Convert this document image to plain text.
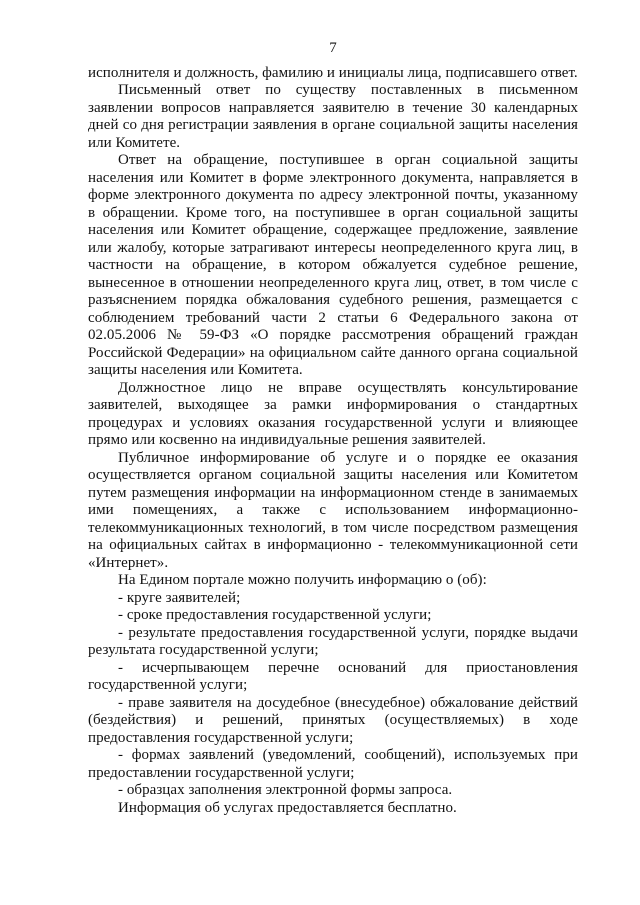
7

исполнителя и должность, фамилию и инициалы лица, подписавшего ответ.

Письменный ответ по существу поставленных в письменном заявлении вопросов направляется заявителю в течение 30 календарных дней со дня регистрации заявления в органе социальной защиты населения или Комитете.

Ответ на обращение, поступившее в орган социальной защиты населения или Комитет в форме электронного документа, направляется в форме электронного документа по адресу электронной почты, указанному в обращении. Кроме того, на поступившее в орган социальной защиты населения или Комитет обращение, содержащее предложение, заявление или жалобу, которые затрагивают интересы неопределенного круга лиц, в частности на обращение, в котором обжалуется судебное решение, вынесенное в отношении неопределенного круга лиц, ответ, в том числе с разъяснением порядка обжалования судебного решения, размещается с соблюдением требований части 2 статьи 6 Федерального закона от 02.05.2006 № 59-ФЗ «О порядке рассмотрения обращений граждан Российской Федерации» на официальном сайте данного органа социальной защиты населения или Комитета.

Должностное лицо не вправе осуществлять консультирование заявителей, выходящее за рамки информирования о стандартных процедурах и условиях оказания государственной услуги и влияющее прямо или косвенно на индивидуальные решения заявителей.

Публичное информирование об услуге и о порядке ее оказания осуществляется органом социальной защиты населения или Комитетом путем размещения информации на информационном стенде в занимаемых ими помещениях, а также с использованием информационно-телекоммуникационных технологий, в том числе посредством размещения на официальных сайтах в информационно - телекоммуникационной сети «Интернет».

На Едином портале можно получить информацию о (об):

- круге заявителей;

- сроке предоставления государственной услуги;

- результате предоставления государственной услуги, порядке выдачи результата государственной услуги;

- исчерпывающем перечне оснований для приостановления государственной услуги;

- праве заявителя на досудебное (внесудебное) обжалование действий (бездействия) и решений, принятых (осуществляемых) в ходе предоставления государственной услуги;

- формах заявлений (уведомлений, сообщений), используемых при предоставлении государственной услуги;

- образцах заполнения электронной формы запроса.

Информация об услугах предоставляется бесплатно.
